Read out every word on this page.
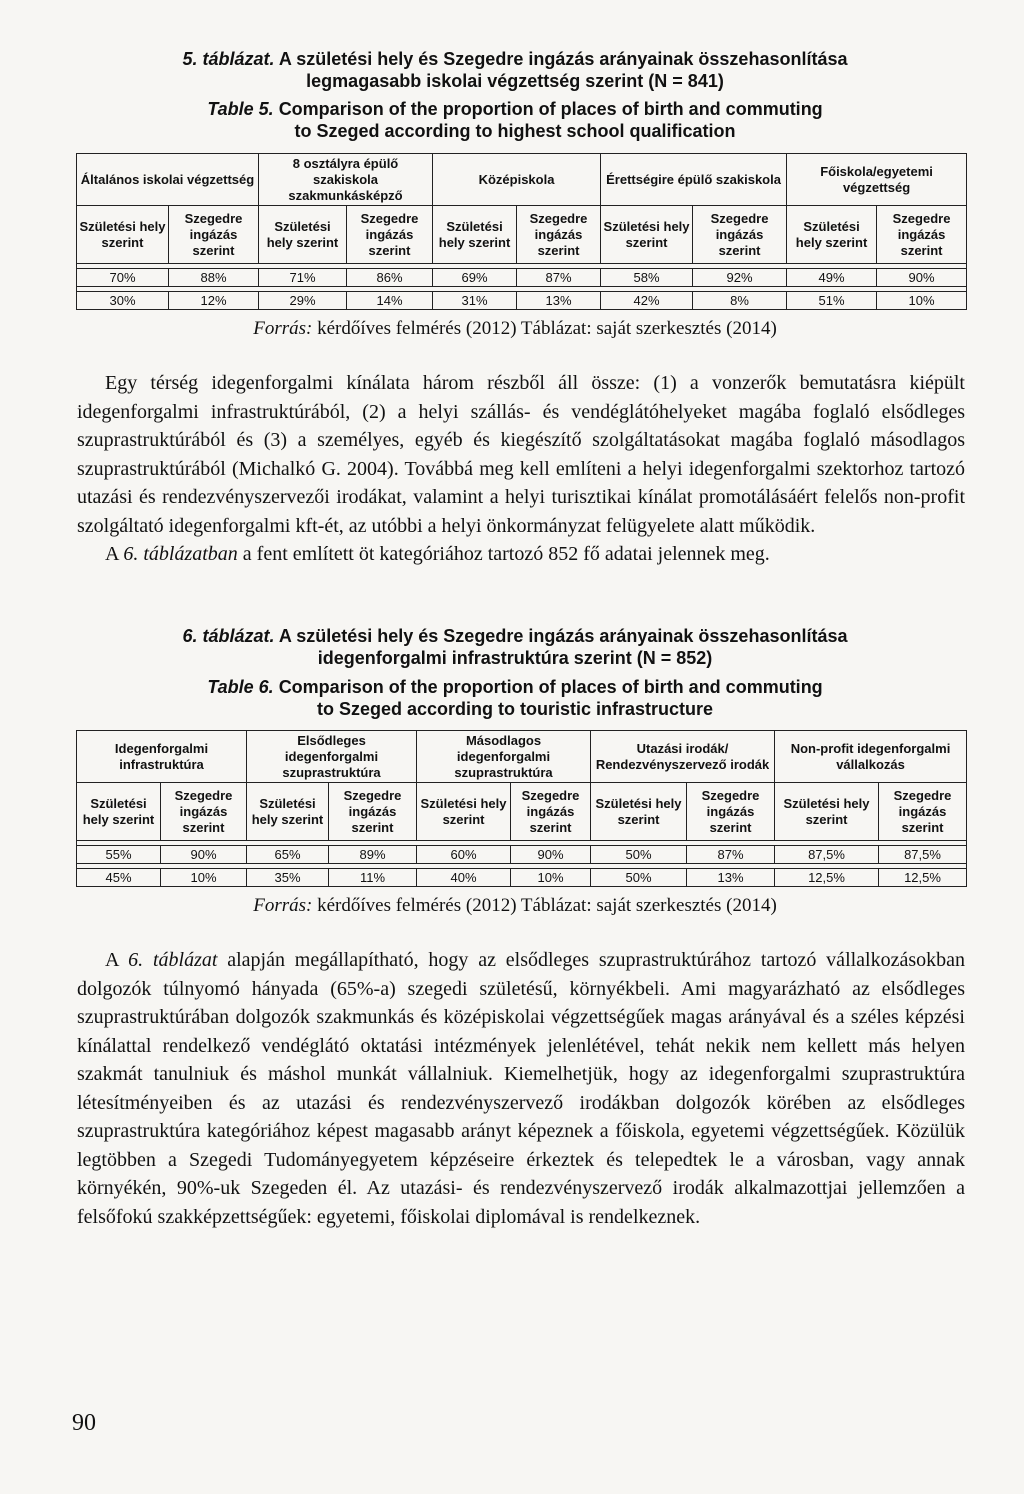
5. táblázat. A születési hely és Szegedre ingázás arányainak összehasonlítása
legmagasabb iskolai végzettség szerint (N = 841)
Table 5. Comparison of the proportion of places of birth and commuting
to Szeged according to highest school qualification
Általános iskolai végzettség		8 osztályra épülő szakiskola szakmunkásképző		Középiskola		Érettségire épülő szakiskola		Főiskola/egyetemi végzettség	
Születési hely szerint	Szegedre ingázás szerint	Születési hely szerint	Szegedre ingázás szerint	Születési hely szerint	Szegedre ingázás szerint	Születési hely szerint	Szegedre ingázás szerint	Születési hely szerint	Szegedre ingázás szerint

70%	88%	71%	86%	69%	87%	58%	92%	49%	90%

30%	12%	29%	14%	31%	13%	42%	8%	51%	10%
Forrás: kérdőíves felmérés (2012) Táblázat: saját szerkesztés (2014)

Egy térség idegenforgalmi kínálata három részből áll össze: (1) a vonzerők bemutatásra kiépült idegenforgalmi infrastruktúrából, (2) a helyi szállás- és vendéglátóhelyeket magába foglaló elsődleges szuprastruktúrából és (3) a személyes, egyéb és kiegészítő szolgáltatásokat magába foglaló másodlagos szuprastruktúrából (Michalkó G. 2004). Továbbá meg kell említeni a helyi idegenforgalmi szektorhoz tartozó utazási és rendezvényszervezői irodákat, valamint a helyi turisztikai kínálat promotálásáért felelős non-profit szolgáltató idegenforgalmi kft-ét, az utóbbi a helyi önkormányzat felügyelete alatt működik.

A 6. táblázatban a fent említett öt kategóriához tartozó 852 fő adatai jelennek meg.

6. táblázat. A születési hely és Szegedre ingázás arányainak összehasonlítása
idegenforgalmi infrastruktúra szerint (N = 852)
Table 6. Comparison of the proportion of places of birth and commuting
to Szeged according to touristic infrastructure
Idegenforgalmi infrastruktúra		Elsődleges idegenforgalmi szuprastruktúra		Másodlagos idegenforgalmi szuprastruktúra		Utazási irodák/ Rendezvényszervező irodák		Non-profit idegenforgalmi vállalkozás	
Születési hely szerint	Szegedre ingázás szerint	Születési hely szerint	Szegedre ingázás szerint	Születési hely szerint	Szegedre ingázás szerint	Születési hely szerint	Szegedre ingázás szerint	Születési hely szerint	Szegedre ingázás szerint

55%	90%	65%	89%	60%	90%	50%	87%	87,5%	87,5%

45%	10%	35%	11%	40%	10%	50%	13%	12,5%	12,5%
Forrás: kérdőíves felmérés (2012) Táblázat: saját szerkesztés (2014)

A 6. táblázat alapján megállapítható, hogy az elsődleges szuprastruktúrához tartozó vállalkozásokban dolgozók túlnyomó hányada (65%-a) szegedi születésű, környékbeli. Ami magyarázható az elsődleges szuprastruktúrában dolgozók szakmunkás és középiskolai végzettségűek magas arányával és a széles képzési kínálattal rendelkező vendéglátó oktatási intézmények jelenlétével, tehát nekik nem kellett más helyen szakmát tanulniuk és máshol munkát vállalniuk. Kiemelhetjük, hogy az idegenforgalmi szuprastruktúra létesítményeiben és az utazási és rendezvényszervező irodákban dolgozók körében az elsődleges szuprastruktúra kategóriához képest magasabb arányt képeznek a főiskola, egyetemi végzettségűek. Közülük legtöbben a Szegedi Tudományegyetem képzéseire érkeztek és telepedtek le a városban, vagy annak környékén, 90%-uk Szegeden él. Az utazási- és rendezvényszervező irodák alkalmazottjai jellemzően a felsőfokú szakképzettségűek: egyetemi, főiskolai diplomával is rendelkeznek.

90
